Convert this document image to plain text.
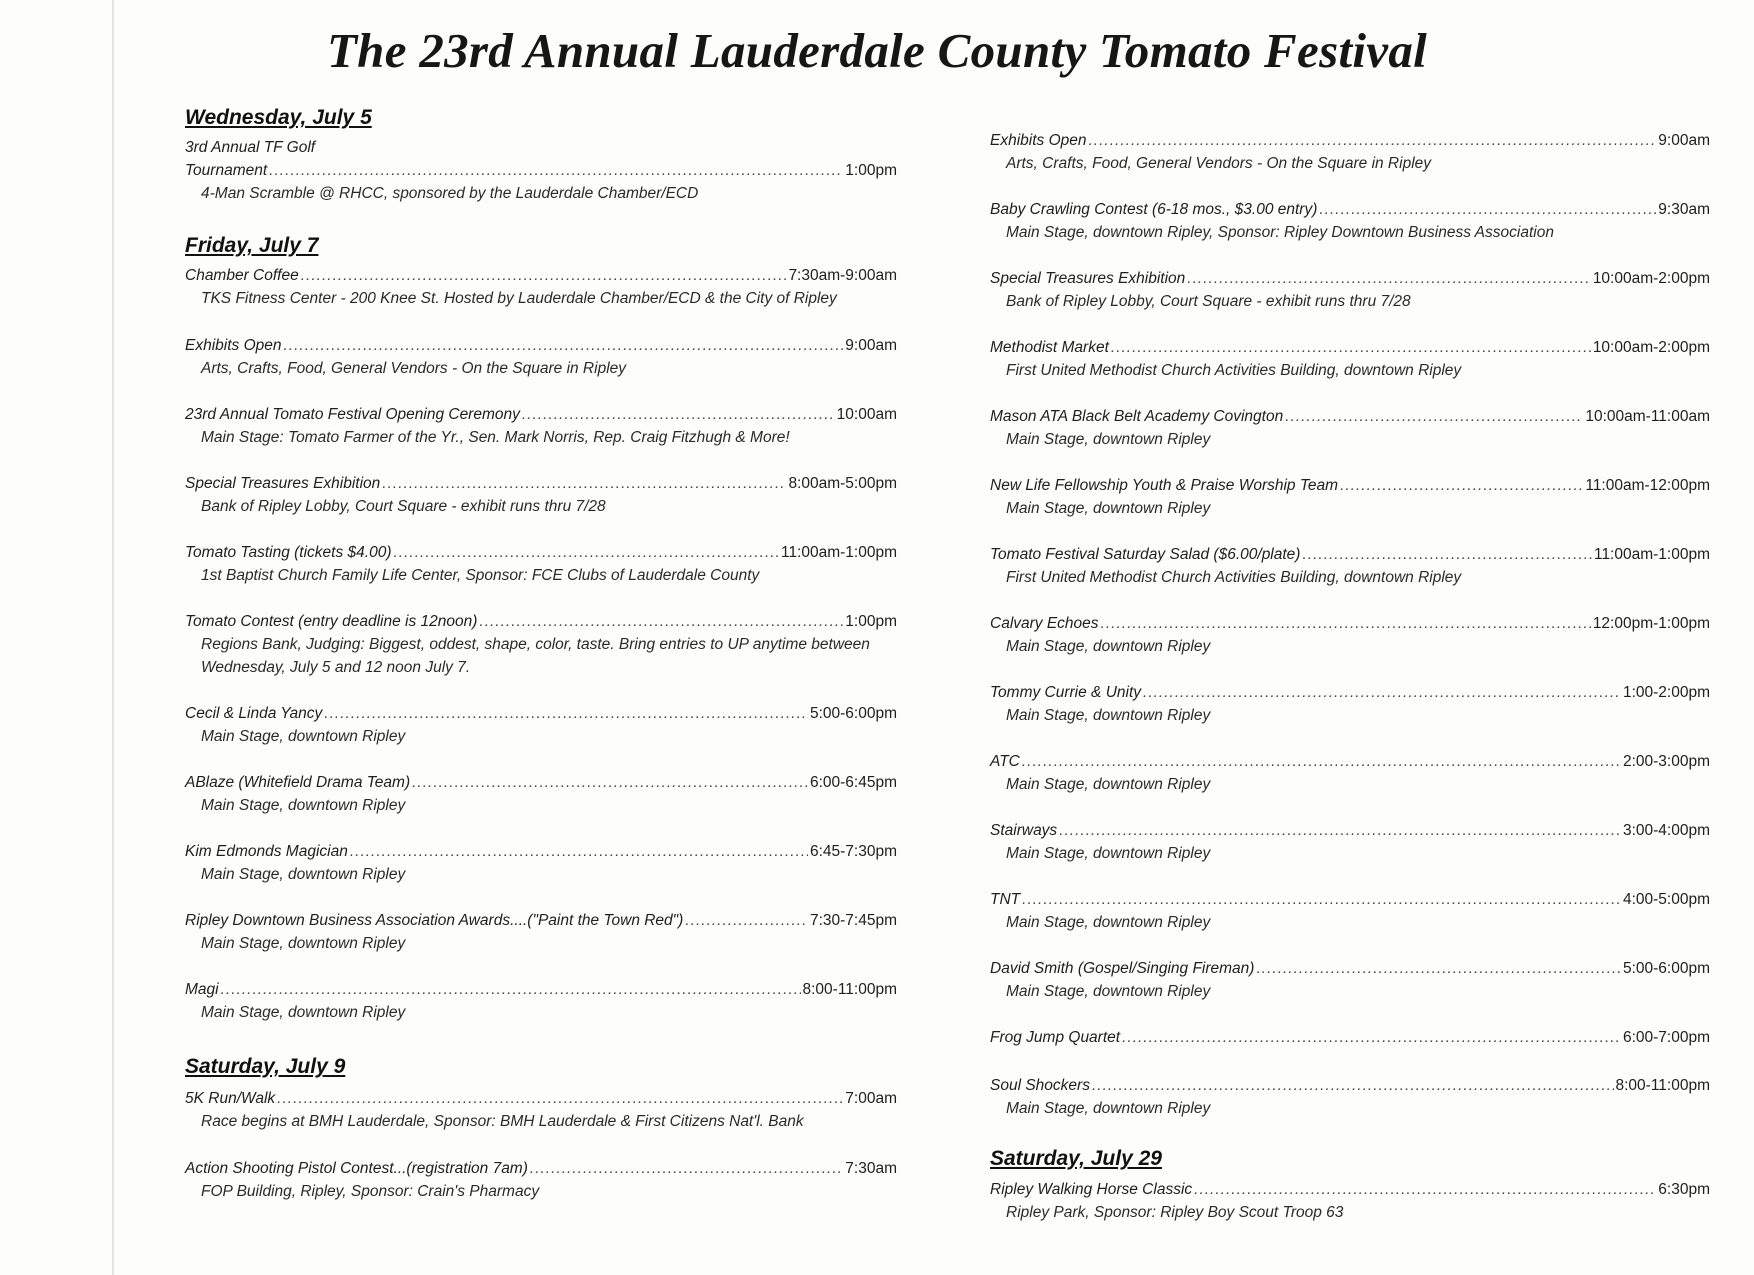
The 23rd Annual Lauderdale County Tomato Festival
Wednesday, July 5
3rd Annual TF Golf
Tournament .....	1:00pm
4-Man Scramble @ RHCC, sponsored by the Lauderdale Chamber/ECD
Friday, July 7
Chamber Coffee .....	7:30am-9:00am
TKS Fitness Center - 200 Knee St. Hosted by Lauderdale Chamber/ECD & the City of Ripley
Exhibits Open .....	9:00am
Arts, Crafts, Food, General Vendors - On the Square in Ripley
23rd Annual Tomato Festival Opening Ceremony .....	10:00am
Main Stage: Tomato Farmer of the Yr., Sen. Mark Norris, Rep. Craig Fitzhugh & More!
Special Treasures Exhibition .....	8:00am-5:00pm
Bank of Ripley Lobby, Court Square - exhibit runs thru 7/28
Tomato Tasting (tickets $4.00) .....	11:00am-1:00pm
1st Baptist Church Family Life Center, Sponsor: FCE Clubs of Lauderdale County
Tomato Contest (entry deadline is 12noon) .....	1:00pm
Regions Bank, Judging: Biggest, oddest, shape, color, taste. Bring entries to UP anytime between
Wednesday, July 5 and 12 noon July 7.
Cecil & Linda Yancy .....	5:00-6:00pm
Main Stage, downtown Ripley
ABlaze (Whitefield Drama Team) .....	6:00-6:45pm
Main Stage, downtown Ripley
Kim Edmonds Magician .....	6:45-7:30pm
Main Stage, downtown Ripley
Ripley Downtown Business Association Awards....("Paint the Town Red") .....	7:30-7:45pm
Main Stage, downtown Ripley
Magi .....	8:00-11:00pm
Main Stage, downtown Ripley
Saturday, July 9
5K Run/Walk .....	7:00am
Race begins at BMH Lauderdale, Sponsor: BMH Lauderdale & First Citizens Nat'l. Bank
Action Shooting Pistol Contest...(registration 7am) .....	7:30am
FOP Building, Ripley, Sponsor: Crain's Pharmacy
Exhibits Open .....	9:00am
Arts, Crafts, Food, General Vendors - On the Square in Ripley
Baby Crawling Contest (6-18 mos., $3.00 entry) .....	9:30am
Main Stage, downtown Ripley, Sponsor: Ripley Downtown Business Association
Special Treasures Exhibition .....	10:00am-2:00pm
Bank of Ripley Lobby, Court Square - exhibit runs thru 7/28
Methodist Market .....	10:00am-2:00pm
First United Methodist Church Activities Building, downtown Ripley
Mason ATA Black Belt Academy Covington .....	10:00am-11:00am
Main Stage, downtown Ripley
New Life Fellowship Youth & Praise Worship Team .....	11:00am-12:00pm
Main Stage, downtown Ripley
Tomato Festival Saturday Salad ($6.00/plate) .....	11:00am-1:00pm
First United Methodist Church Activities Building, downtown Ripley
Calvary Echoes .....	12:00pm-1:00pm
Main Stage, downtown Ripley
Tommy Currie & Unity .....	1:00-2:00pm
Main Stage, downtown Ripley
ATC .....	2:00-3:00pm
Main Stage, downtown Ripley
Stairways .....	3:00-4:00pm
Main Stage, downtown Ripley
TNT .....	4:00-5:00pm
Main Stage, downtown Ripley
David Smith (Gospel/Singing Fireman) .....	5:00-6:00pm
Main Stage, downtown Ripley
Frog Jump Quartet .....	6:00-7:00pm
Soul Shockers .....	8:00-11:00pm
Main Stage, downtown Ripley
Saturday, July 29
Ripley Walking Horse Classic .....	6:30pm
Ripley Park, Sponsor: Ripley Boy Scout Troop 63
